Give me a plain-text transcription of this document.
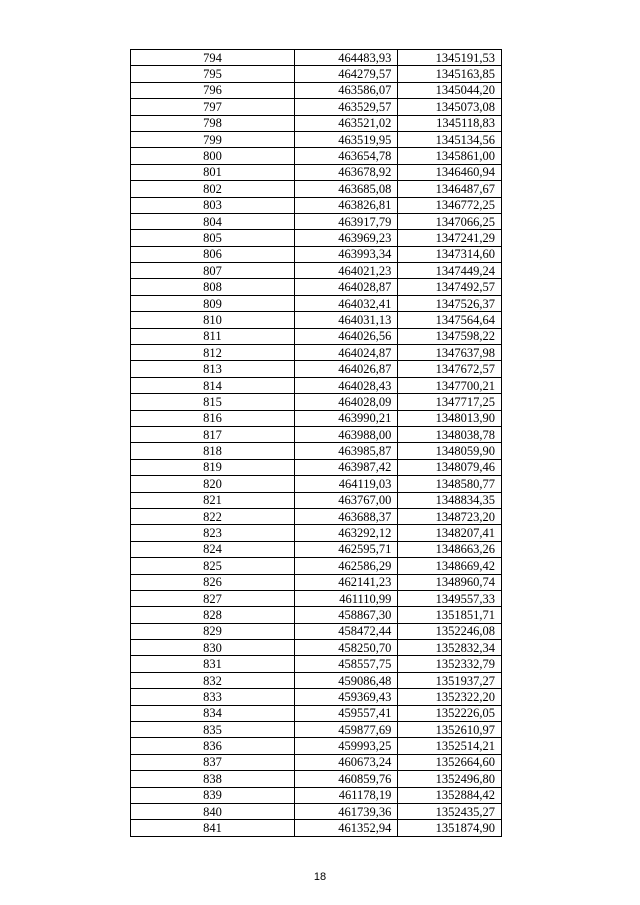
794	464483,93	1345191,53
795	464279,57	1345163,85
796	463586,07	1345044,20
797	463529,57	1345073,08
798	463521,02	1345118,83
799	463519,95	1345134,56
800	463654,78	1345861,00
801	463678,92	1346460,94
802	463685,08	1346487,67
803	463826,81	1346772,25
804	463917,79	1347066,25
805	463969,23	1347241,29
806	463993,34	1347314,60
807	464021,23	1347449,24
808	464028,87	1347492,57
809	464032,41	1347526,37
810	464031,13	1347564,64
811	464026,56	1347598,22
812	464024,87	1347637,98
813	464026,87	1347672,57
814	464028,43	1347700,21
815	464028,09	1347717,25
816	463990,21	1348013,90
817	463988,00	1348038,78
818	463985,87	1348059,90
819	463987,42	1348079,46
820	464119,03	1348580,77
821	463767,00	1348834,35
822	463688,37	1348723,20
823	463292,12	1348207,41
824	462595,71	1348663,26
825	462586,29	1348669,42
826	462141,23	1348960,74
827	461110,99	1349557,33
828	458867,30	1351851,71
829	458472,44	1352246,08
830	458250,70	1352832,34
831	458557,75	1352332,79
832	459086,48	1351937,27
833	459369,43	1352322,20
834	459557,41	1352226,05
835	459877,69	1352610,97
836	459993,25	1352514,21
837	460673,24	1352664,60
838	460859,76	1352496,80
839	461178,19	1352884,42
840	461739,36	1352435,27
841	461352,94	1351874,90
18
